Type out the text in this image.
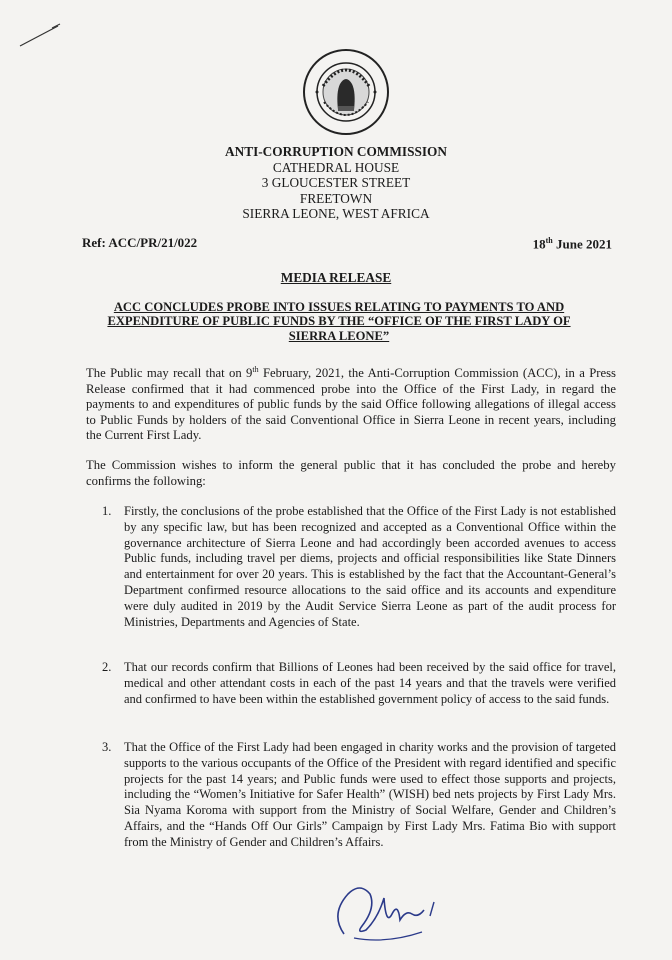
ANTI-CORRUPTION COMMISSION
CATHEDRAL HOUSE
3 GLOUCESTER STREET
FREETOWN
SIERRA LEONE, WEST AFRICA
Ref: ACC/PR/21/022	18th June 2021
MEDIA RELEASE
ACC CONCLUDES PROBE INTO ISSUES RELATING TO PAYMENTS TO AND EXPENDITURE OF PUBLIC FUNDS BY THE “OFFICE OF THE FIRST LADY OF SIERRA LEONE”
The Public may recall that on 9th February, 2021, the Anti-Corruption Commission (ACC), in a Press Release confirmed that it had commenced probe into the Office of the First Lady, in regard the payments to and expenditures of public funds by the said Office following allegations of illegal access to Public Funds by holders of the said Conventional Office in Sierra Leone in recent years, including the Current First Lady.
The Commission wishes to inform the general public that it has concluded the probe and hereby confirms the following:
1. Firstly, the conclusions of the probe established that the Office of the First Lady is not established by any specific law, but has been recognized and accepted as a Conventional Office within the governance architecture of Sierra Leone and had accordingly been accorded avenues to access Public funds, including travel per diems, projects and official responsibilities like State Dinners and entertainment for over 20 years. This is established by the fact that the Accountant-General’s Department confirmed resource allocations to the said office and its accounts and expenditure were duly audited in 2019 by the Audit Service Sierra Leone as part of the audit process for Ministries, Departments and Agencies of State.
2. That our records confirm that Billions of Leones had been received by the said office for travel, medical and other attendant costs in each of the past 14 years and that the travels were verified and confirmed to have been within the established government policy of access to the said funds.
3. That the Office of the First Lady had been engaged in charity works and the provision of targeted supports to the various occupants of the Office of the President with regard identified and specific projects for the past 14 years; and Public funds were used to effect those supports and projects, including the “Women’s Initiative for Safer Health” (WISH) bed nets projects by First Lady Mrs. Sia Nyama Koroma with support from the Ministry of Social Welfare, Gender and Children’s Affairs, and the “Hands Off Our Girls” Campaign by First Lady Mrs. Fatima Bio with support from the Ministry of Gender and Children’s Affairs.
